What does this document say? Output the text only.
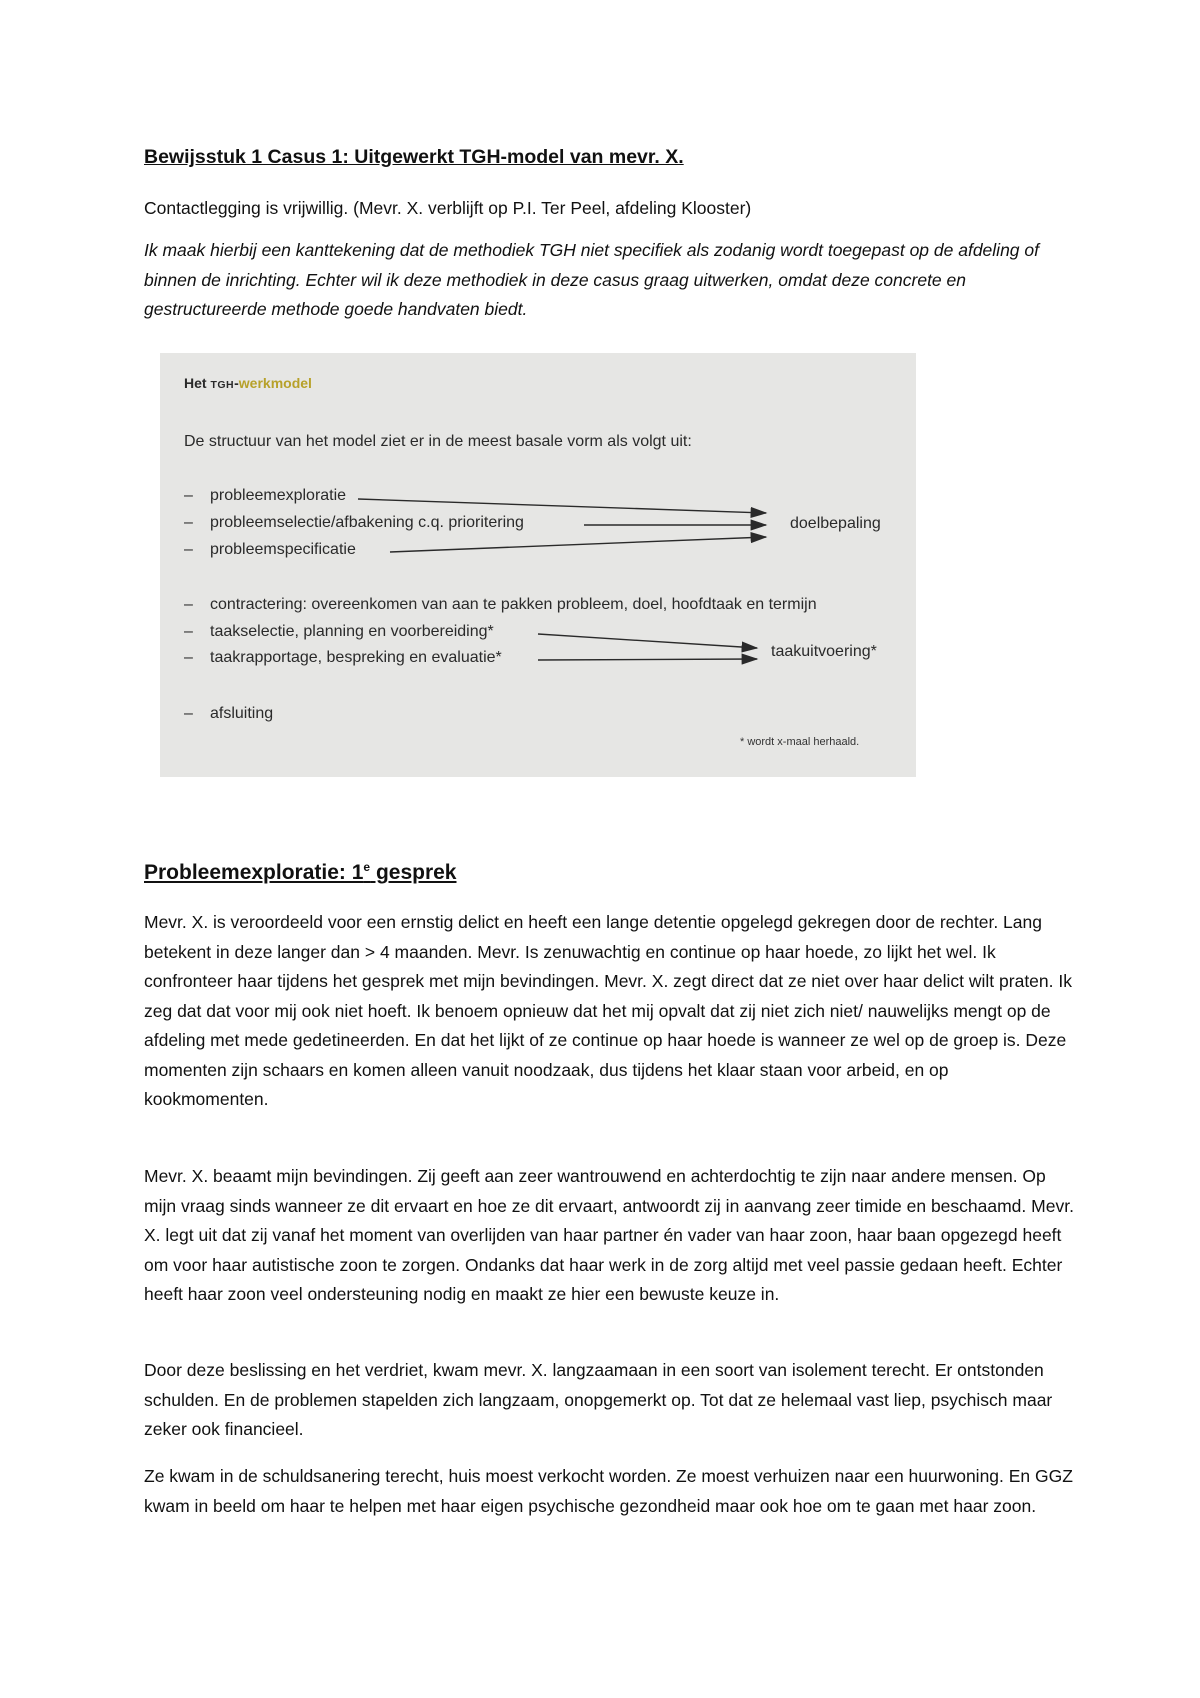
Bewijsstuk 1 Casus 1: Uitgewerkt TGH-model van mevr. X.

Contactlegging is vrijwillig. (Mevr. X. verblijft op P.I. Ter Peel, afdeling Klooster)

Ik maak hierbij een kanttekening dat de methodiek TGH niet specifiek als zodanig wordt toegepast op de afdeling of binnen de inrichting. Echter wil ik deze methodiek in deze casus graag uitwerken, omdat deze concrete en gestructureerde methode goede handvaten biedt.

Het TGH-werkmodel
De structuur van het model ziet er in de meest basale vorm als volgt uit:
– probleemexploratie
– probleemselectie/afbakening c.q. prioritering
– probleemspecificatie
– contractering: overeenkomen van aan te pakken probleem, doel, hoofdtaak en termijn
– taakselectie, planning en voorbereiding*
– taakrapportage, bespreking en evaluatie*
– afsluiting
doelbepaling
taakuitvoering*
* wordt x-maal herhaald.
Probleemexploratie: 1e gesprek

Mevr. X. is veroordeeld voor een ernstig delict en heeft een lange detentie opgelegd gekregen door de rechter. Lang betekent in deze langer dan > 4 maanden. Mevr. Is zenuwachtig en continue op haar hoede, zo lijkt het wel. Ik confronteer haar tijdens het gesprek met mijn bevindingen. Mevr. X. zegt direct dat ze niet over haar delict wilt praten. Ik zeg dat dat voor mij ook niet hoeft. Ik benoem opnieuw dat het mij opvalt dat zij niet zich niet/ nauwelijks mengt op de afdeling met mede gedetineerden. En dat het lijkt of ze continue op haar hoede is wanneer ze wel op de groep is. Deze momenten zijn schaars en komen alleen vanuit noodzaak, dus tijdens het klaar staan voor arbeid, en op kookmomenten.

Mevr. X. beaamt mijn bevindingen. Zij geeft aan zeer wantrouwend en achterdochtig te zijn naar andere mensen. Op mijn vraag sinds wanneer ze dit ervaart en hoe ze dit ervaart, antwoordt zij in aanvang zeer timide en beschaamd. Mevr. X. legt uit dat zij vanaf het moment van overlijden van haar partner én vader van haar zoon, haar baan opgezegd heeft om voor haar autistische zoon te zorgen. Ondanks dat haar werk in de zorg altijd met veel passie gedaan heeft. Echter heeft haar zoon veel ondersteuning nodig en maakt ze hier een bewuste keuze in.

Door deze beslissing en het verdriet, kwam mevr. X. langzaamaan in een soort van isolement terecht. Er ontstonden schulden. En de problemen stapelden zich langzaam, onopgemerkt op. Tot dat ze helemaal vast liep, psychisch maar zeker ook financieel.

Ze kwam in de schuldsanering terecht, huis moest verkocht worden. Ze moest verhuizen naar een huurwoning. En GGZ kwam in beeld om haar te helpen met haar eigen psychische gezondheid maar ook hoe om te gaan met haar zoon.
